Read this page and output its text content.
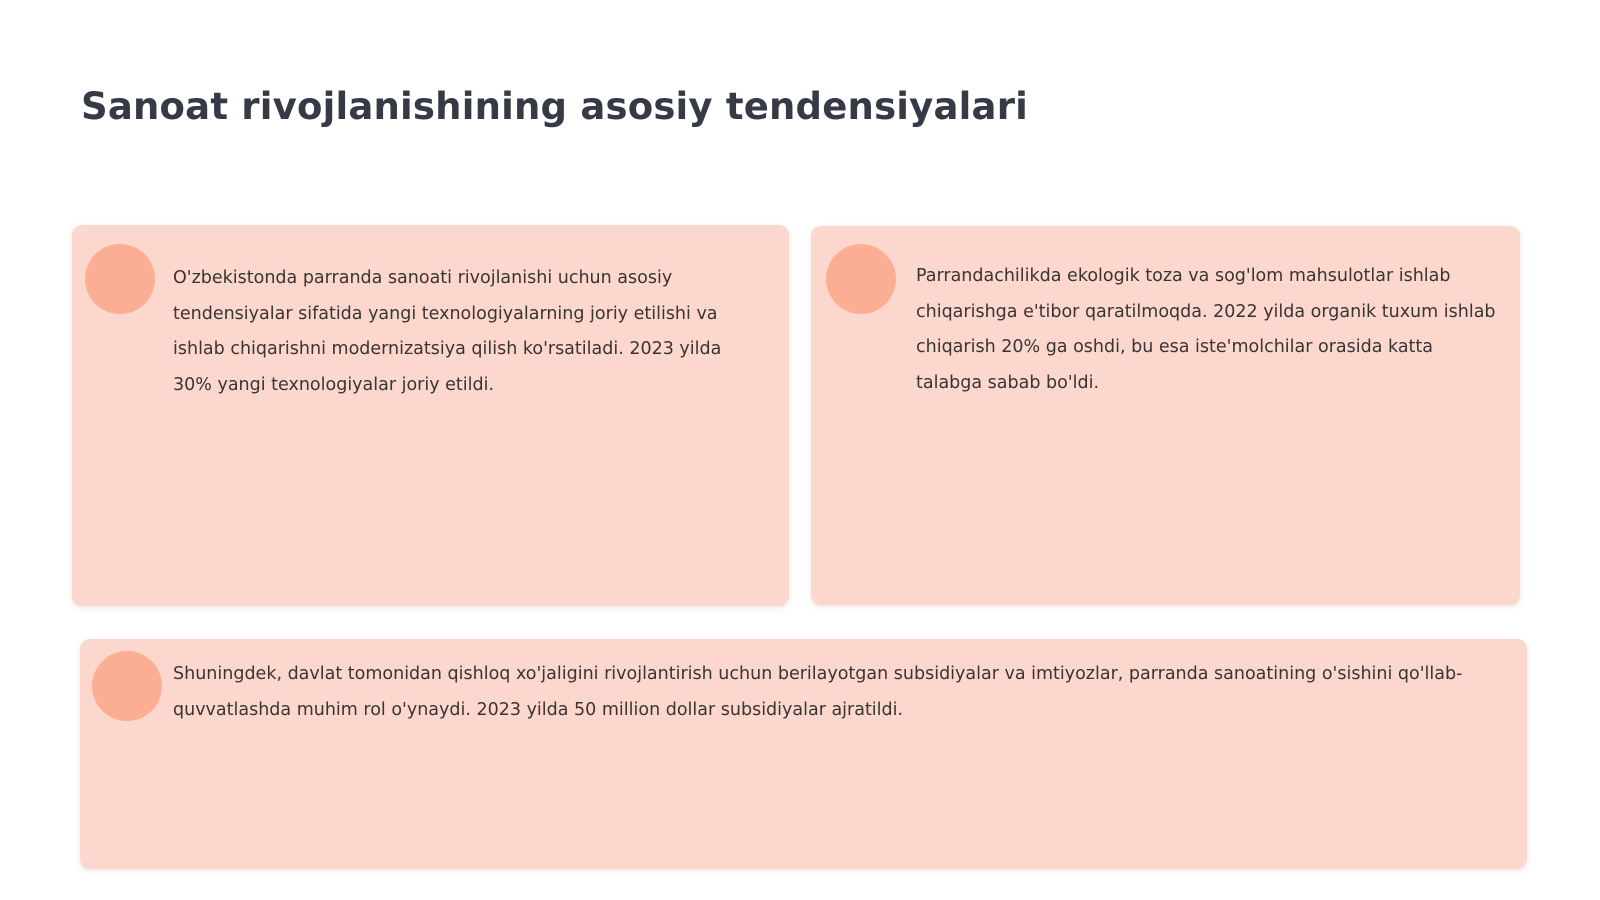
Sanoat rivojlanishining asosiy tendensiyalari

O'zbekistonda parranda sanoati rivojlanishi uchun asosiy tendensiyalar sifatida yangi texnologiyalarning joriy etilishi va ishlab chiqarishni modernizatsiya qilish ko'rsatiladi. 2023 yilda 30% yangi texnologiyalar joriy etildi.

Parrandachilikda ekologik toza va sog'lom mahsulotlar ishlab chiqarishga e'tibor qaratilmoqda. 2022 yilda organik tuxum ishlab chiqarish 20% ga oshdi, bu esa iste'molchilar orasida katta talabga sabab bo'ldi.

Shuningdek, davlat tomonidan qishloq xo'jaligini rivojlantirish uchun berilayotgan subsidiyalar va imtiyozlar, parranda sanoatining o'sishini qo'llab-quvvatlashda muhim rol o'ynaydi. 2023 yilda 50 million dollar subsidiyalar ajratildi.
